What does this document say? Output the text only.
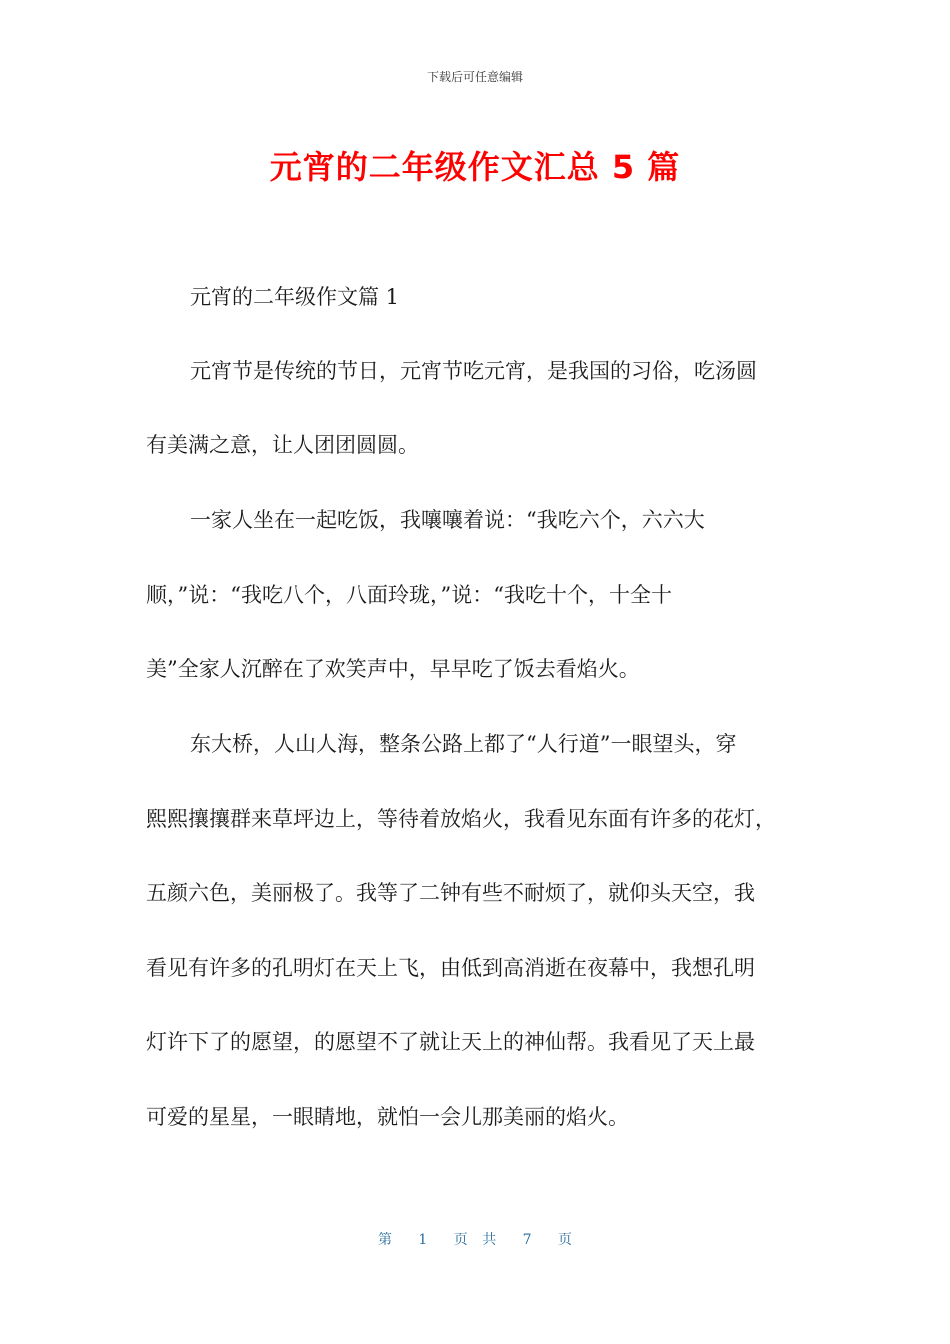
下载后可任意编辑
元宵的二年级作文汇总 5 篇
元宵的二年级作文篇 1
元宵节是传统的节日，元宵节吃元宵，是我国的习俗，吃汤圆
有美满之意，让人团团圆圆。
一家人坐在一起吃饭，我嚷嚷着说：“我吃六个，六六大
顺，”说：“我吃八个，八面玲珑，”说：“我吃十个，十全十
美”全家人沉醉在了欢笑声中，早早吃了饭去看焰火。
东大桥，人山人海，整条公路上都了“人行道”一眼望头，穿
熙熙攘攘群来草坪边上，等待着放焰火，我看见东面有许多的花灯，
五颜六色，美丽极了。我等了二钟有些不耐烦了，就仰头天空，我
看见有许多的孔明灯在天上飞，由低到高消逝在夜幕中，我想孔明
灯许下了的愿望，的愿望不了就让天上的神仙帮。我看见了天上最
可爱的星星，一眼睛地，就怕一会儿那美丽的焰火。
第 1 页 共 7 页
